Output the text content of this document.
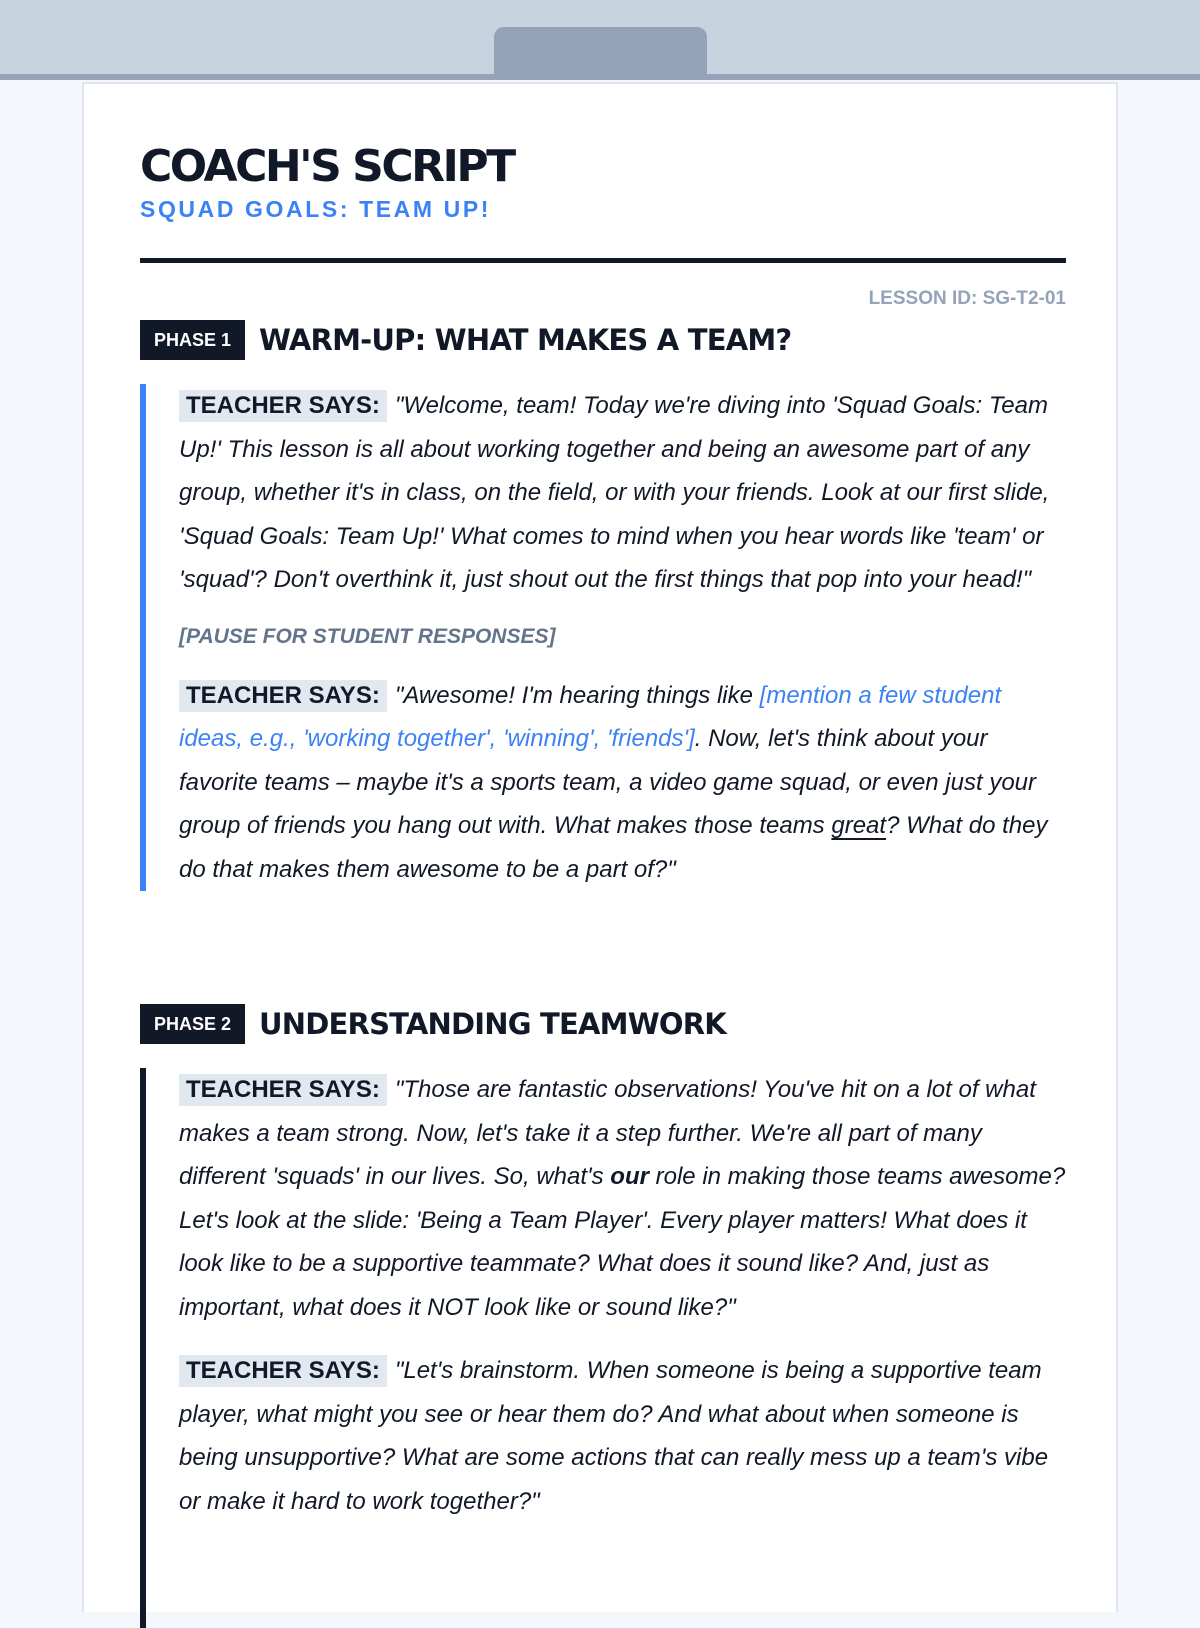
COACH'S SCRIPT
SQUAD GOALS: TEAM UP!
LESSON ID: SG-T2-01
PHASE 1 WARM-UP: WHAT MAKES A TEAM?

TEACHER SAYS: "Welcome, team! Today we're diving into 'Squad Goals: Team Up!' This lesson is all about working together and being an awesome part of any group, whether it's in class, on the field, or with your friends. Look at our first slide, 'Squad Goals: Team Up!' What comes to mind when you hear words like 'team' or 'squad'? Don't overthink it, just shout out the first things that pop into your head!"

[PAUSE FOR STUDENT RESPONSES]

TEACHER SAYS: "Awesome! I'm hearing things like [mention a few student ideas, e.g., 'working together', 'winning', 'friends']. Now, let's think about your favorite teams – maybe it's a sports team, a video game squad, or even just your group of friends you hang out with. What makes those teams great? What do they do that makes them awesome to be a part of?"

PHASE 2 UNDERSTANDING TEAMWORK

TEACHER SAYS: "Those are fantastic observations! You've hit on a lot of what makes a team strong. Now, let's take it a step further. We're all part of many different 'squads' in our lives. So, what's our role in making those teams awesome? Let's look at the slide: 'Being a Team Player'. Every player matters! What does it look like to be a supportive teammate? What does it sound like? And, just as important, what does it NOT look like or sound like?"

TEACHER SAYS: "Let's brainstorm. When someone is being a supportive team player, what might you see or hear them do? And what about when someone is being unsupportive? What are some actions that can really mess up a team's vibe or make it hard to work together?"
